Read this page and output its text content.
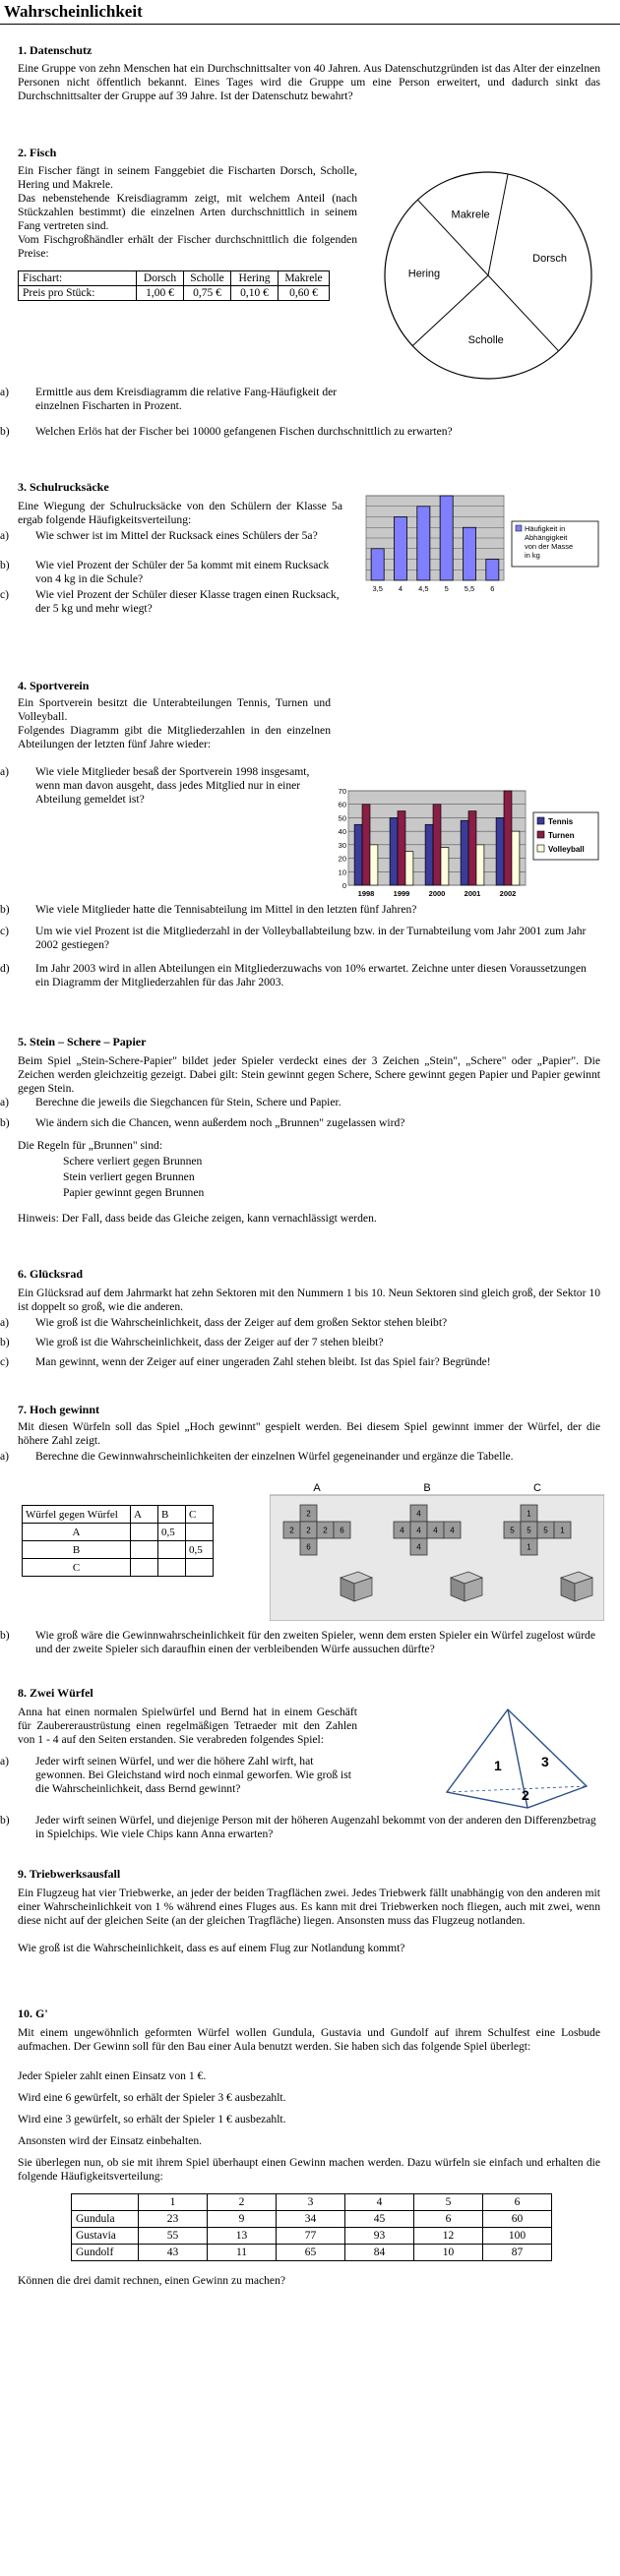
Wahrscheinlichkeit
1. Datenschutz
Eine Gruppe von zehn Menschen hat ein Durchschnittsalter von 40 Jahren. Aus Datenschutzgründen ist das Alter der einzelnen Personen nicht öffentlich bekannt. Eines Tages wird die Gruppe um eine Person erweitert, und dadurch sinkt das Durchschnittsalter der Gruppe auf 39 Jahre. Ist der Datenschutz bewahrt?
2. Fisch
Ein Fischer fängt in seinem Fanggebiet die Fischarten Dorsch, Scholle, Hering und Makrele.
Das nebenstehende Kreisdiagramm zeigt, mit welchem Anteil (nach Stückzahlen bestimmt) die einzelnen Arten durchschnittlich in seinem Fang vertreten sind.
Vom Fischgroßhändler erhält der Fischer durchschnittlich die folgenden Preise:
Fischart:	Dorsch	Scholle	Hering	Makrele
Preis pro Stück:	1,00 €	0,75 €	0,10 €	0,60 €
Makrele
Dorsch
Scholle
Hering
a) Ermittle aus dem Kreisdiagramm die relative Fang-Häufigkeit der einzelnen Fischarten in Prozent.
b) Welchen Erlös hat der Fischer bei 10000 gefangenen Fischen durchschnittlich zu erwarten?
3. Schulrucksäcke
Eine Wiegung der Schulrucksäcke von den Schülern der Klasse 5a ergab folgende Häufigkeitsverteilung:
a) Wie schwer ist im Mittel der Rucksack eines Schülers der 5a?
b) Wie viel Prozent der Schüler der 5a kommt mit einem Rucksack von 4 kg in die Schule?
c) Wie viel Prozent der Schüler dieser Klasse tragen einen Rucksack, der 5 kg und mehr wiegt?
3,5 4 4,5 5 5,5 6
Häufigkeit in
Abhängigkeit
von der Masse
in kg
4. Sportverein
Ein Sportverein besitzt die Unterabteilungen Tennis, Turnen und Volleyball.
Folgendes Diagramm gibt die Mitgliederzahlen in den einzelnen Abteilungen der letzten fünf Jahre wieder:
a) Wie viele Mitglieder besaß der Sportverein 1998 insgesamt, wenn man davon ausgeht, dass jedes Mitglied nur in einer Abteilung gemeldet ist?
0
10
20
30
40
50
60
70
1998	1999	2000	2001	2002
Tennis
Turnen
Volleyball
b) Wie viele Mitglieder hatte die Tennisabteilung im Mittel in den letzten fünf Jahren?
c) Um wie viel Prozent ist die Mitgliederzahl in der Volleyballabteilung bzw. in der Turnabteilung vom Jahr 2001 zum Jahr 2002 gestiegen?
d) Im Jahr 2003 wird in allen Abteilungen ein Mitgliederzuwachs von 10% erwartet. Zeichne unter diesen Voraussetzungen ein Diagramm der Mitgliederzahlen für das Jahr 2003.
5. Stein – Schere – Papier
Beim Spiel „Stein-Schere-Papier" bildet jeder Spieler verdeckt eines der 3 Zeichen „Stein", „Schere" oder „Papier". Die Zeichen werden gleichzeitig gezeigt. Dabei gilt: Stein gewinnt gegen Schere, Schere gewinnt gegen Papier und Papier gewinnt gegen Stein.
a) Berechne die jeweils die Siegchancen für Stein, Schere und Papier.
b) Wie ändern sich die Chancen, wenn außerdem noch „Brunnen" zugelassen wird?
Die Regeln für „Brunnen" sind:
Schere verliert gegen Brunnen
Stein verliert gegen Brunnen
Papier gewinnt gegen Brunnen
Hinweis: Der Fall, dass beide das Gleiche zeigen, kann vernachlässigt werden.
6. Glücksrad
Ein Glücksrad auf dem Jahrmarkt hat zehn Sektoren mit den Nummern 1 bis 10. Neun Sektoren sind gleich groß, der Sektor 10 ist doppelt so groß, wie die anderen.
a) Wie groß ist die Wahrscheinlichkeit, dass der Zeiger auf dem großen Sektor stehen bleibt?
b) Wie groß ist die Wahrscheinlichkeit, dass der Zeiger auf der 7 stehen bleibt?
c) Man gewinnt, wenn der Zeiger auf einer ungeraden Zahl stehen bleibt. Ist das Spiel fair? Begründe!
7. Hoch gewinnt
Mit diesen Würfeln soll das Spiel „Hoch gewinnt" gespielt werden. Bei diesem Spiel gewinnt immer der Würfel, der die höhere Zahl zeigt.
a) Berechne die Gewinnwahrscheinlichkeiten der einzelnen Würfel gegeneinander und ergänze die Tabelle.
Würfel gegen Würfel	A	B	C
A		0,5	
B			0,5
C			
A
2
2 2 2 6
6
B
4
4 4 4 4
4
C
1
5 5 5 1
1
b) Wie groß wäre die Gewinnwahrscheinlichkeit für den zweiten Spieler, wenn dem ersten Spieler ein Würfel zugelost würde und der zweite Spieler sich daraufhin einen der verbleibenden Würfe aussuchen dürfte?
8. Zwei Würfel
Anna hat einen normalen Spielwürfel und Bernd hat in einem Geschäft für Zaubereraustrüstung einen regelmäßigen Tetraeder mit den Zahlen von 1 - 4 auf den Seiten erstanden. Sie verabreden folgendes Spiel:
a) Jeder wirft seinen Würfel, und wer die höhere Zahl wirft, hat gewonnen. Bei Gleichstand wird noch einmal geworfen. Wie groß ist die Wahrscheinlichkeit, dass Bernd gewinnt?
1	3
2
b) Jeder wirft seinen Würfel, und diejenige Person mit der höheren Augenzahl bekommt von der anderen den Differenzbetrag in Spielchips. Wie viele Chips kann Anna erwarten?
9. Triebwerksausfall
Ein Flugzeug hat vier Triebwerke, an jeder der beiden Tragflächen zwei. Jedes Triebwerk fällt unabhängig von den anderen mit einer Wahrscheinlichkeit von 1 % während eines Fluges aus. Es kann mit drei Triebwerken noch fliegen, auch mit zwei, wenn diese nicht auf der gleichen Seite (an der gleichen Tragfläche) liegen. Ansonsten muss das Flugzeug notlanden.
Wie groß ist die Wahrscheinlichkeit, dass es auf einem Flug zur Notlandung kommt?
10. G'
Mit einem ungewöhnlich geformten Würfel wollen Gundula, Gustavia und Gundolf auf ihrem Schulfest eine Losbude aufmachen. Der Gewinn soll für den Bau einer Aula benutzt werden. Sie haben sich das folgende Spiel überlegt:
Jeder Spieler zahlt einen Einsatz von 1 €.
Wird eine 6 gewürfelt, so erhält der Spieler 3 € ausbezahlt.
Wird eine 3 gewürfelt, so erhält der Spieler 1 € ausbezahlt.
Ansonsten wird der Einsatz einbehalten.
Sie überlegen nun, ob sie mit ihrem Spiel überhaupt einen Gewinn machen werden. Dazu würfeln sie einfach und erhalten die folgende Häufigkeitsverteilung:
	1	2	3	4	5	6
Gundula	23	9	34	45	6	60
Gustavia	55	13	77	93	12	100
Gundolf	43	11	65	84	10	87
Können die drei damit rechnen, einen Gewinn zu machen?
